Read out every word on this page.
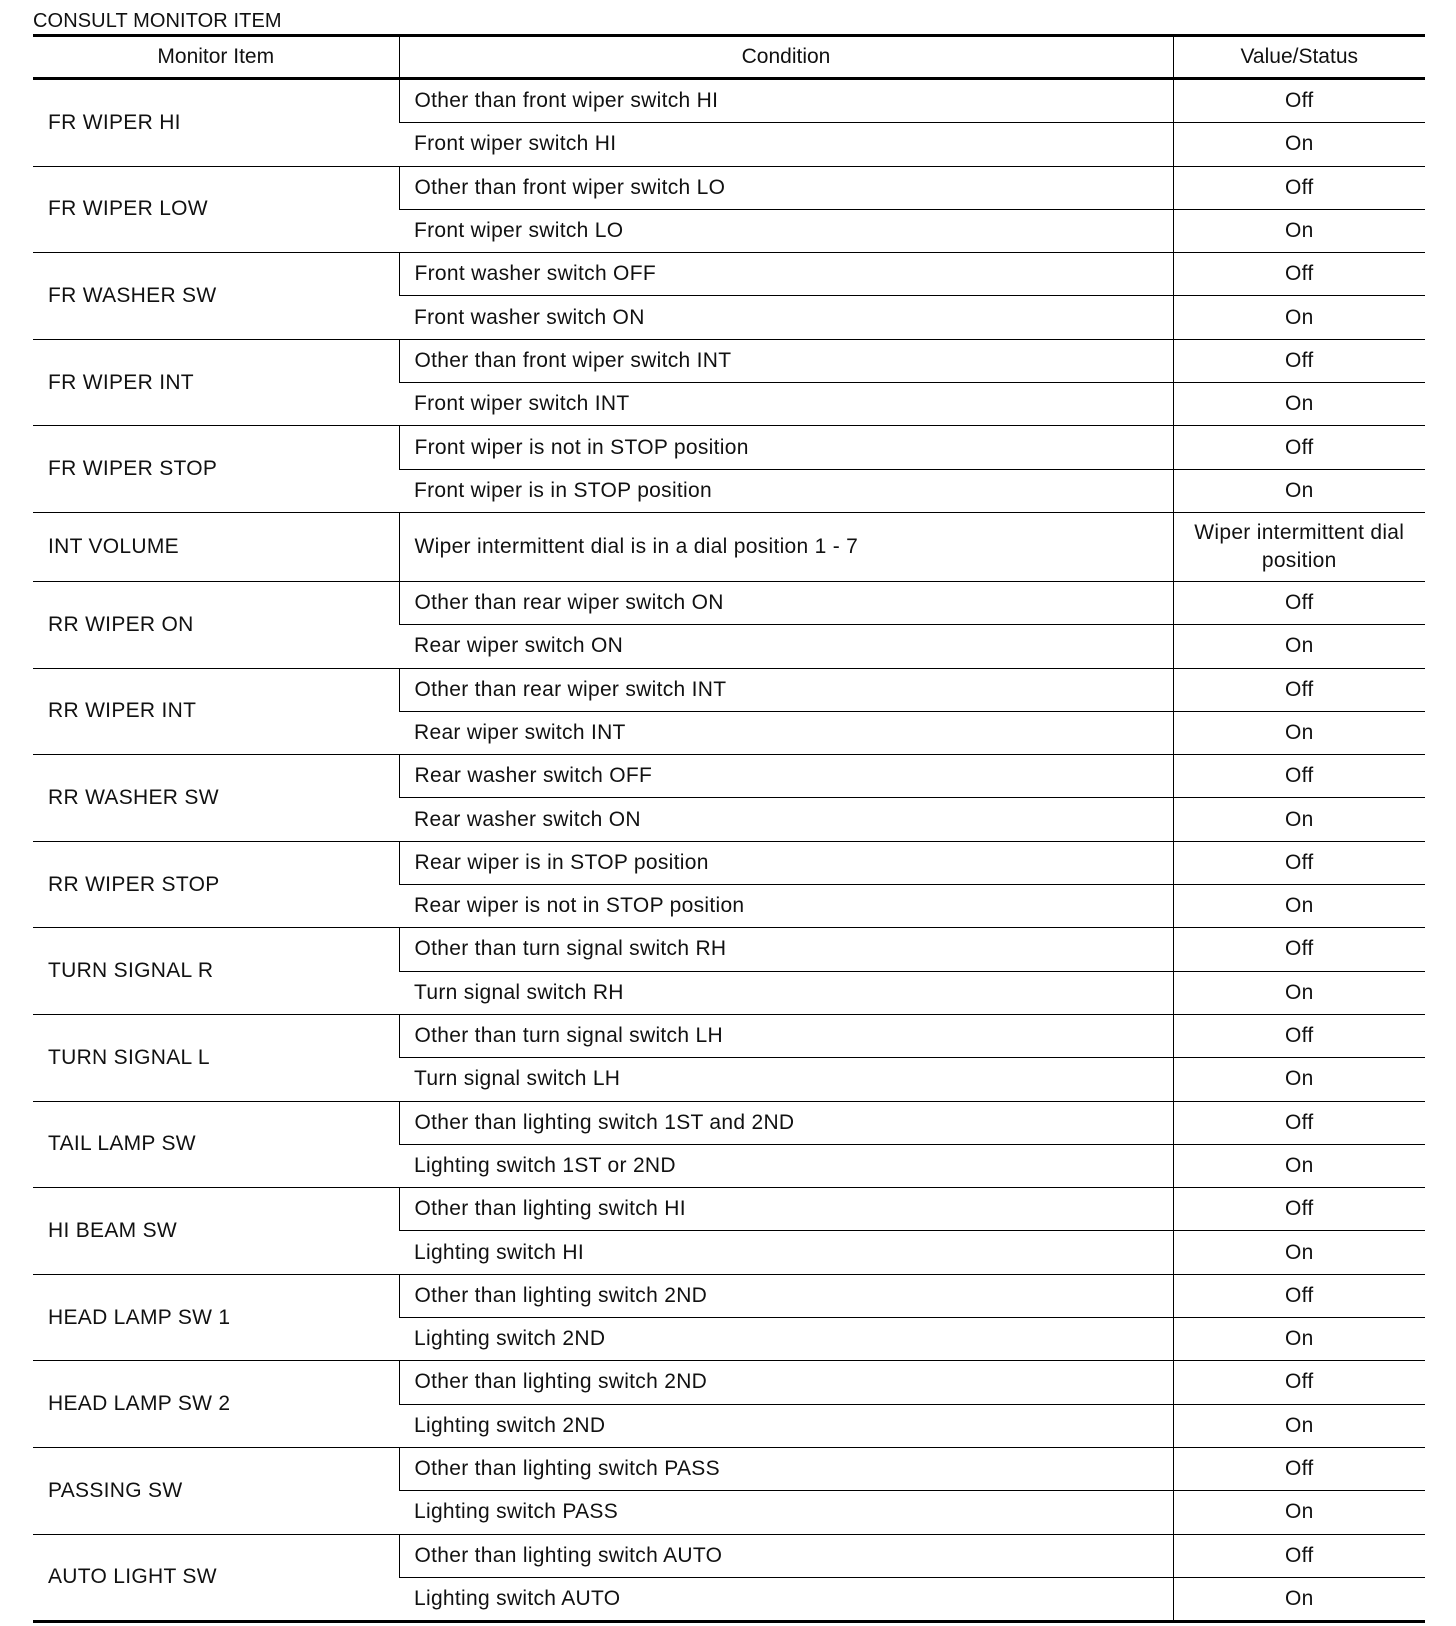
CONSULT MONITOR ITEM
Monitor Item	Condition	Value/Status
FR WIPER HI	Other than front wiper switch HI	Off
	Front wiper switch HI	On
FR WIPER LOW	Other than front wiper switch LO	Off
	Front wiper switch LO	On
FR WASHER SW	Front washer switch OFF	Off
	Front washer switch ON	On
FR WIPER INT	Other than front wiper switch INT	Off
	Front wiper switch INT	On
FR WIPER STOP	Front wiper is not in STOP position	Off
	Front wiper is in STOP position	On
INT VOLUME	Wiper intermittent dial is in a dial position 1 - 7	Wiper intermittent dial position
RR WIPER ON	Other than rear wiper switch ON	Off
	Rear wiper switch ON	On
RR WIPER INT	Other than rear wiper switch INT	Off
	Rear wiper switch INT	On
RR WASHER SW	Rear washer switch OFF	Off
	Rear washer switch ON	On
RR WIPER STOP	Rear wiper is in STOP position	Off
	Rear wiper is not in STOP position	On
TURN SIGNAL R	Other than turn signal switch RH	Off
	Turn signal switch RH	On
TURN SIGNAL L	Other than turn signal switch LH	Off
	Turn signal switch LH	On
TAIL LAMP SW	Other than lighting switch 1ST and 2ND	Off
	Lighting switch 1ST or 2ND	On
HI BEAM SW	Other than lighting switch HI	Off
	Lighting switch HI	On
HEAD LAMP SW 1	Other than lighting switch 2ND	Off
	Lighting switch 2ND	On
HEAD LAMP SW 2	Other than lighting switch 2ND	Off
	Lighting switch 2ND	On
PASSING SW	Other than lighting switch PASS	Off
	Lighting switch PASS	On
AUTO LIGHT SW	Other than lighting switch AUTO	Off
	Lighting switch AUTO	On
